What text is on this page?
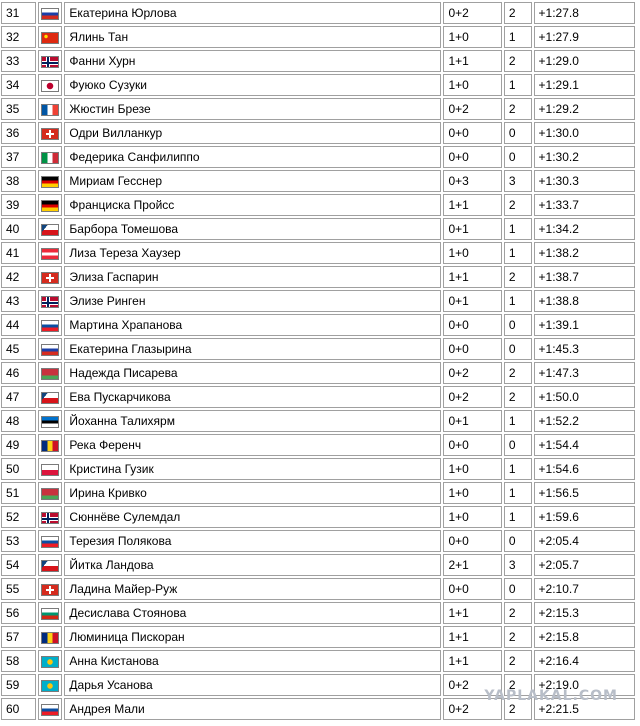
31		Екатерина Юрлова	0+2	2	+1:27.8
32		Ялинь Тан	1+0	1	+1:27.9
33		Фанни Хурн	1+1	2	+1:29.0
34		Фуюко Сузуки	1+0	1	+1:29.1
35		Жюстин Брезе	0+2	2	+1:29.2
36		Одри Вилланкур	0+0	0	+1:30.0
37		Федерика Санфилиппо	0+0	0	+1:30.2
38		Мириам Гесснер	0+3	3	+1:30.3
39		Франциска Пройсс	1+1	2	+1:33.7
40		Барбора Томешова	0+1	1	+1:34.2
41		Лиза Тереза Хаузер	1+0	1	+1:38.2
42		Элиза Гаспарин	1+1	2	+1:38.7
43		Элизе Ринген	0+1	1	+1:38.8
44		Мартина Храпанова	0+0	0	+1:39.1
45		Екатерина Глазырина	0+0	0	+1:45.3
46		Надежда Писарева	0+2	2	+1:47.3
47		Ева Пускарчикова	0+2	2	+1:50.0
48		Йоханна Талихярм	0+1	1	+1:52.2
49		Река Ференч	0+0	0	+1:54.4
50		Кристина Гузик	1+0	1	+1:54.6
51		Ирина Кривко	1+0	1	+1:56.5
52		Сюннёве Сулемдал	1+0	1	+1:59.6
53		Терезия Полякова	0+0	0	+2:05.4
54		Йитка Ландова	2+1	3	+2:05.7
55		Ладина Майер-Руж	0+0	0	+2:10.7
56		Десислава Стоянова	1+1	2	+2:15.3
57		Люминица Пискоран	1+1	2	+2:15.8
58		Анна Кистанова	1+1	2	+2:16.4
59		Дарья Усанова	0+2	2	+2:19.0
60		Андрея Мали	0+2	2	+2:21.5
YAPLAKAL.COM
